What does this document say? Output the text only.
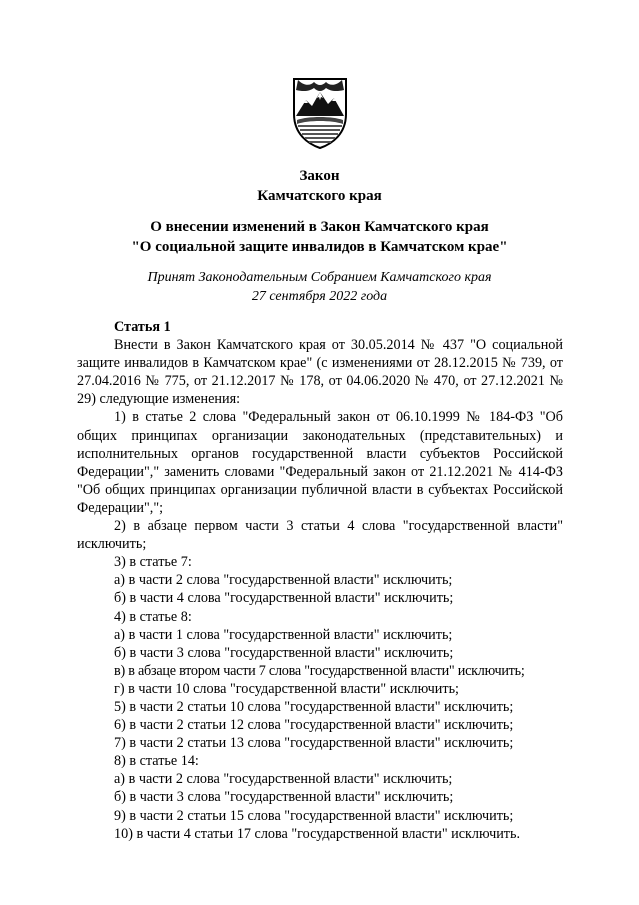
Закон
Камчатского края
О внесении изменений в Закон Камчатского края
"О социальной защите инвалидов в Камчатском крае"
Принят Законодательным Собранием Камчатского края
27 сентября 2022 года

Статья 1

Внести в Закон Камчатского края от 30.05.2014 № 437 "О социальной защите инвалидов в Камчатском крае" (с изменениями от 28.12.2015 № 739, от 27.04.2016 № 775, от 21.12.2017 № 178, от 04.06.2020 № 470, от 27.12.2021 № 29) следующие изменения:

1) в статье 2 слова "Федеральный закон от 06.10.1999 № 184-ФЗ "Об общих принципах организации законодательных (представительных) и исполнительных органов государственной власти субъектов Российской Федерации"," заменить словами "Федеральный закон от 21.12.2021 № 414-ФЗ "Об общих принципах организации публичной власти в субъектах Российской Федерации",";

2) в абзаце первом части 3 статьи 4 слова "государственной власти" исключить;

3) в статье 7:

а) в части 2 слова "государственной власти" исключить;

б) в части 4 слова "государственной власти" исключить;

4) в статье 8:

а) в части 1 слова "государственной власти" исключить;

б) в части 3 слова "государственной власти" исключить;

в) в абзаце втором части 7 слова "государственной власти" исключить;

г) в части 10 слова "государственной власти" исключить;

5) в части 2 статьи 10 слова "государственной власти" исключить;

6) в части 2 статьи 12 слова "государственной власти" исключить;

7) в части 2 статьи 13 слова "государственной власти" исключить;

8) в статье 14:

а) в части 2 слова "государственной власти" исключить;

б) в части 3 слова "государственной власти" исключить;

9) в части 2 статьи 15 слова "государственной власти" исключить;

10) в части 4 статьи 17 слова "государственной власти" исключить.
